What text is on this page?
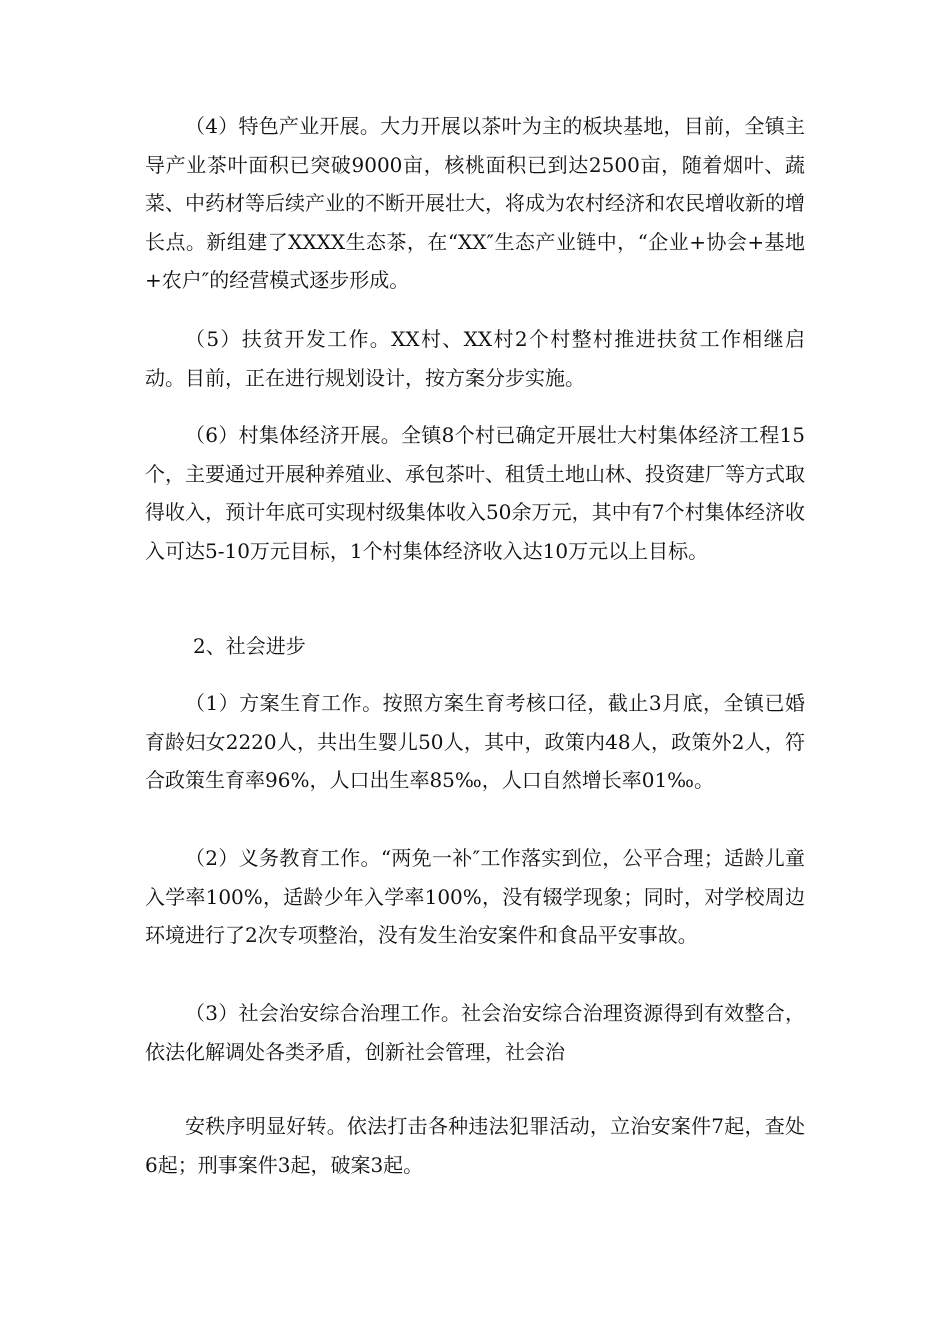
（4）特色产业开展。大力开展以茶叶为主的板块基地，目前，全镇主导产业茶叶面积已突破9000亩，核桃面积已到达2500亩，随着烟叶、蔬菜、中药材等后续产业的不断开展壮大，将成为农村经济和农民增收新的增长点。新组建了XXXX生态茶，在“XX″生态产业链中，“企业+协会+基地+农户″的经营模式逐步形成。

（5）扶贫开发工作。XX村、XX村2个村整村推进扶贫工作相继启动。目前，正在进行规划设计，按方案分步实施。

（6）村集体经济开展。全镇8个村已确定开展壮大村集体经济工程15个，主要通过开展种养殖业、承包茶叶、租赁土地山林、投资建厂等方式取得收入，预计年底可实现村级集体收入50余万元，其中有7个村集体经济收入可达5-10万元目标，1个村集体经济收入达10万元以上目标。

2、社会进步

（1）方案生育工作。按照方案生育考核口径，截止3月底，全镇已婚育龄妇女2220人，共出生婴儿50人，其中，政策内48人，政策外2人，符合政策生育率96%，人口出生率85‰，人口自然增长率01‰。

（2）义务教育工作。“两免一补″工作落实到位，公平合理；适龄儿童入学率100%，适龄少年入学率100%，没有辍学现象；同时，对学校周边环境进行了2次专项整治，没有发生治安案件和食品平安事故。

（3）社会治安综合治理工作。社会治安综合治理资源得到有效整合，依法化解调处各类矛盾，创新社会管理，社会治

安秩序明显好转。依法打击各种违法犯罪活动，立治安案件7起，查处6起；刑事案件3起，破案3起。
